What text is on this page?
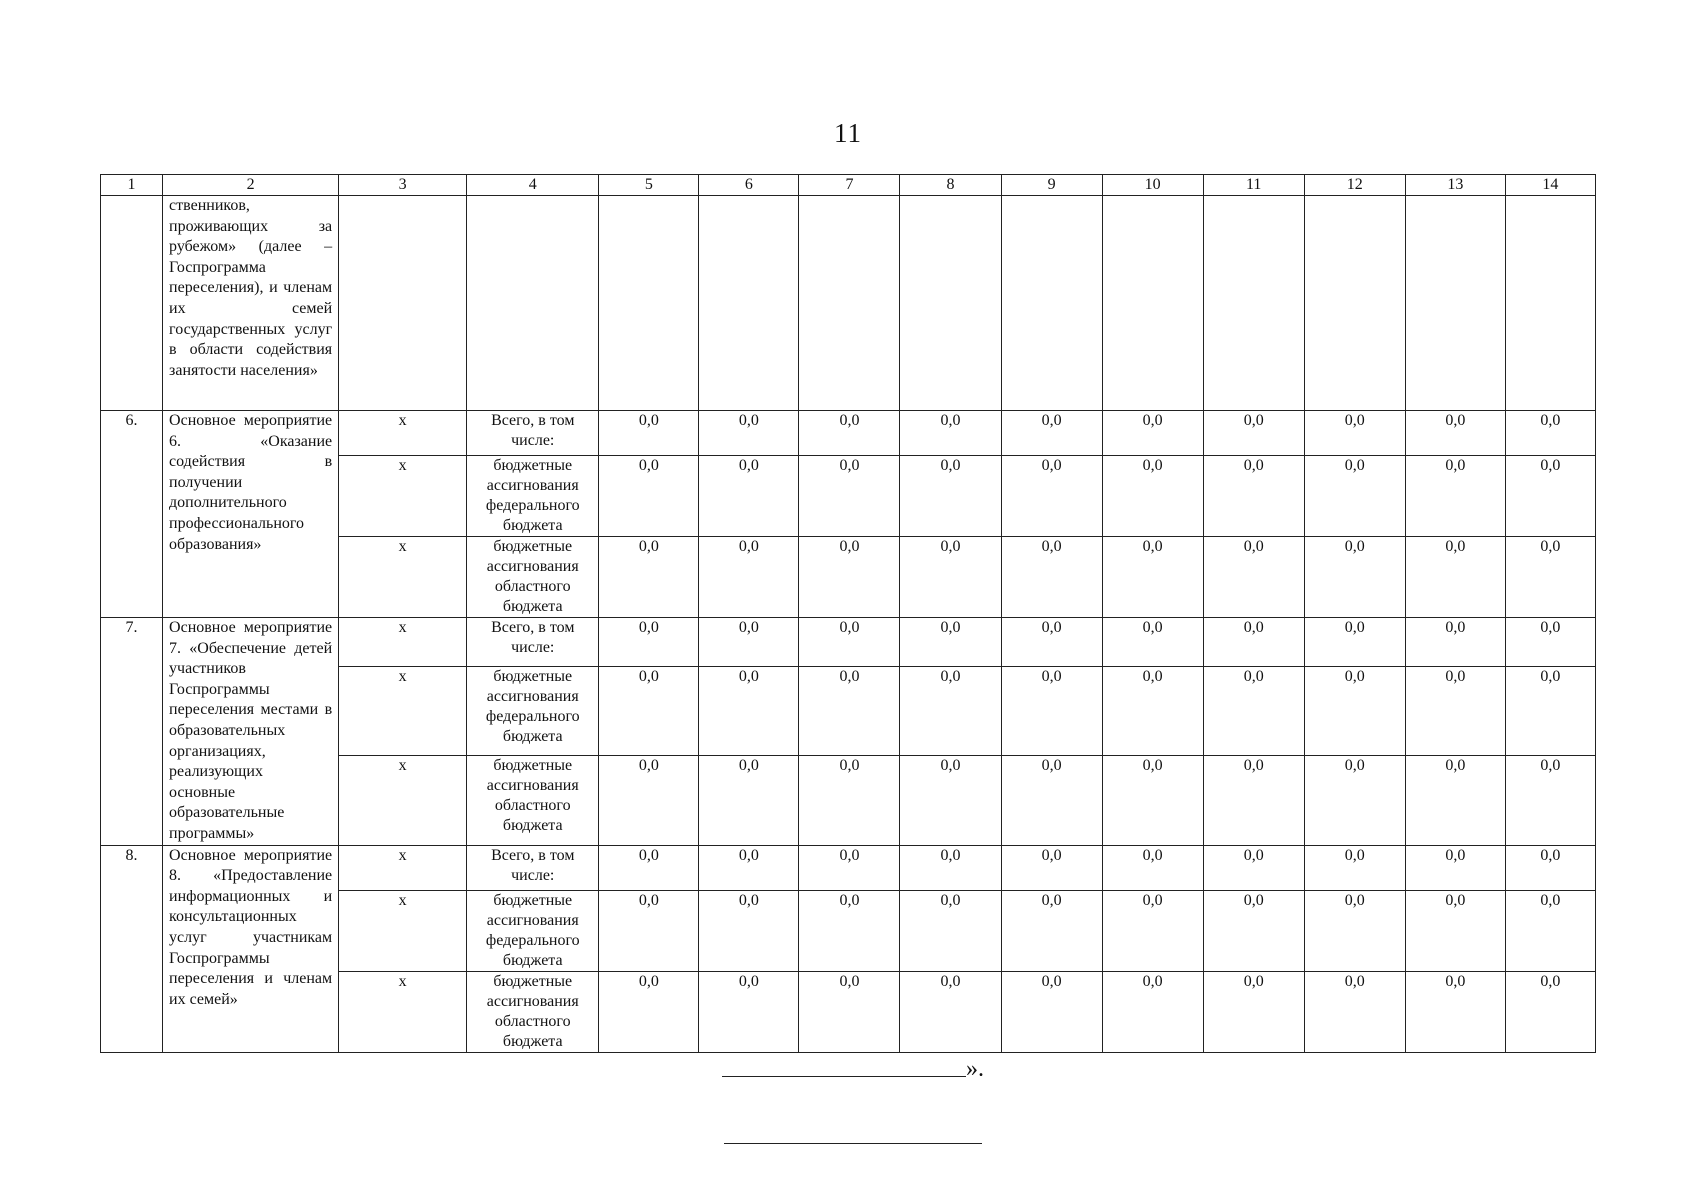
11
1	2	3	4	5	6	7	8	9	10	11	12	13	14

	ственников, проживающих за рубежом» (далее – Госпрограмма переселения), и членам их семей государственных услуг в области содействия занятости населения»												

6.	Основное мероприятие 6. «Оказание содействия в получении дополнительного профессионального образования»	x	Всего, в том числе:	0,0	0,0	0,0	0,0	0,0	0,0	0,0	0,0	0,0	0,0
		x	бюджетные ассигнования федерального бюджета	0,0	0,0	0,0	0,0	0,0	0,0	0,0	0,0	0,0	0,0
		x	бюджетные ассигнования областного бюджета	0,0	0,0	0,0	0,0	0,0	0,0	0,0	0,0	0,0	0,0
7.	Основное мероприятие 7. «Обеспечение детей участников Госпрограммы переселения местами в образовательных организациях, реализующих основные образовательные программы»	x	Всего, в том числе:	0,0	0,0	0,0	0,0	0,0	0,0	0,0	0,0	0,0	0,0
		x	бюджетные ассигнования федерального бюджета	0,0	0,0	0,0	0,0	0,0	0,0	0,0	0,0	0,0	0,0
		x	бюджетные ассигнования областного бюджета	0,0	0,0	0,0	0,0	0,0	0,0	0,0	0,0	0,0	0,0
8.	Основное мероприятие 8. «Предоставление информационных и консультационных услуг участникам Госпрограммы переселения и членам их семей»	x	Всего, в том числе:	0,0	0,0	0,0	0,0	0,0	0,0	0,0	0,0	0,0	0,0
		x	бюджетные ассигнования федерального бюджета	0,0	0,0	0,0	0,0	0,0	0,0	0,0	0,0	0,0	0,0
		x	бюджетные ассигнования областного бюджета	0,0	0,0	0,0	0,0	0,0	0,0	0,0	0,0	0,0	0,0
».
